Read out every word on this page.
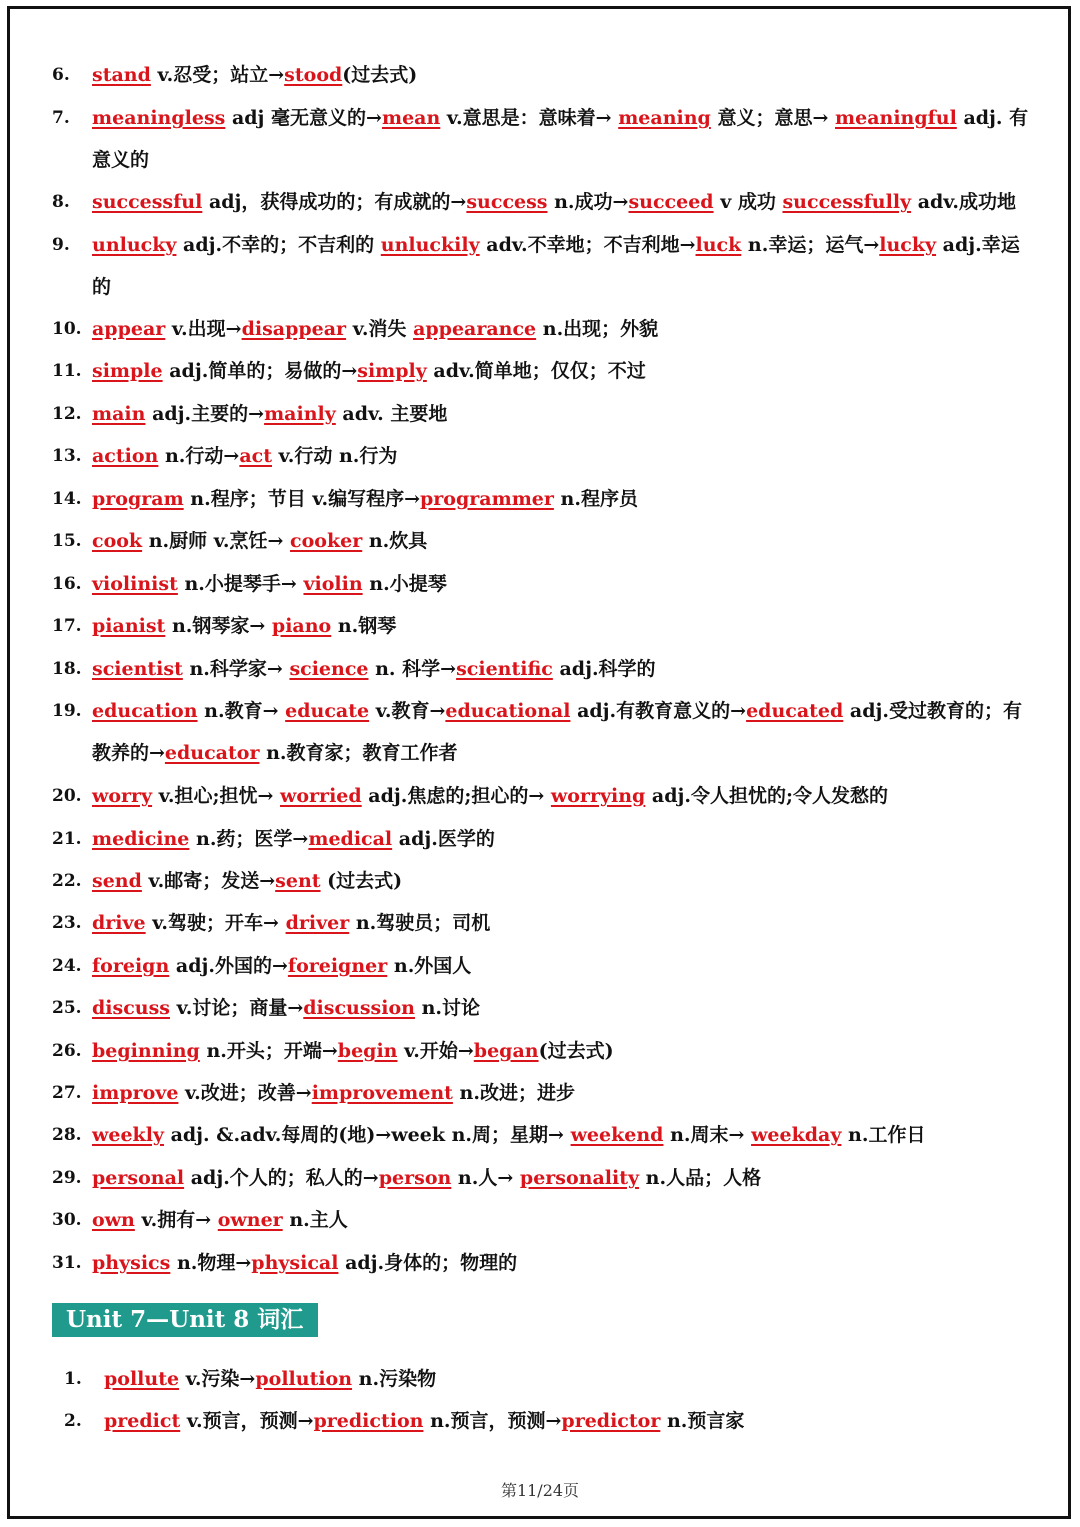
6. stand v.忍受；站立→stood(过去式)
7. meaningless adj 毫无意义的→mean v.意思是：意味着→ meaning 意义；意思→ meaningful adj. 有意义的
8. successful adj，获得成功的；有成就的→success n.成功→succeed v 成功 successfully adv.成功地
9. unlucky adj.不幸的；不吉利的 unluckily adv.不幸地；不吉利地→luck n.幸运；运气→lucky adj.幸运的
10. appear v.出现→disappear v.消失 appearance n.出现；外貌
11. simple adj.简单的；易做的→simply adv.简单地；仅仅；不过
12. main adj.主要的→mainly adv. 主要地
13. action n.行动→act v.行动 n.行为
14. program n.程序；节目 v.编写程序→programmer n.程序员
15. cook n.厨师 v.烹饪→ cooker n.炊具
16. violinist n.小提琴手→ violin n.小提琴
17. pianist n.钢琴家→ piano n.钢琴
18. scientist n.科学家→ science n. 科学→scientific adj.科学的
19. education n.教育→ educate v.教育→educational adj.有教育意义的→educated adj.受过教育的；有教养的→educator n.教育家；教育工作者
20. worry v.担心;担忧→ worried adj.焦虑的;担心的→ worrying adj.令人担忧的;令人发愁的
21. medicine n.药；医学→medical adj.医学的
22. send v.邮寄；发送→sent (过去式)
23. drive v.驾驶；开车→ driver n.驾驶员；司机
24. foreign adj.外国的→foreigner n.外国人
25. discuss v.讨论；商量→discussion n.讨论
26. beginning n.开头；开端→begin v.开始→began(过去式)
27. improve v.改进；改善→improvement n.改进；进步
28. weekly adj. &.adv.每周的(地)→week n.周；星期→ weekend n.周末→ weekday n.工作日
29. personal adj.个人的；私人的→person n.人→ personality n.人品；人格
30. own v.拥有→ owner n.主人
31. physics n.物理→physical adj.身体的；物理的
Unit 7—Unit 8 词汇
1. pollute v.污染→pollution n.污染物
2. predict v.预言，预测→prediction n.预言，预测→predictor n.预言家
第11/24页
